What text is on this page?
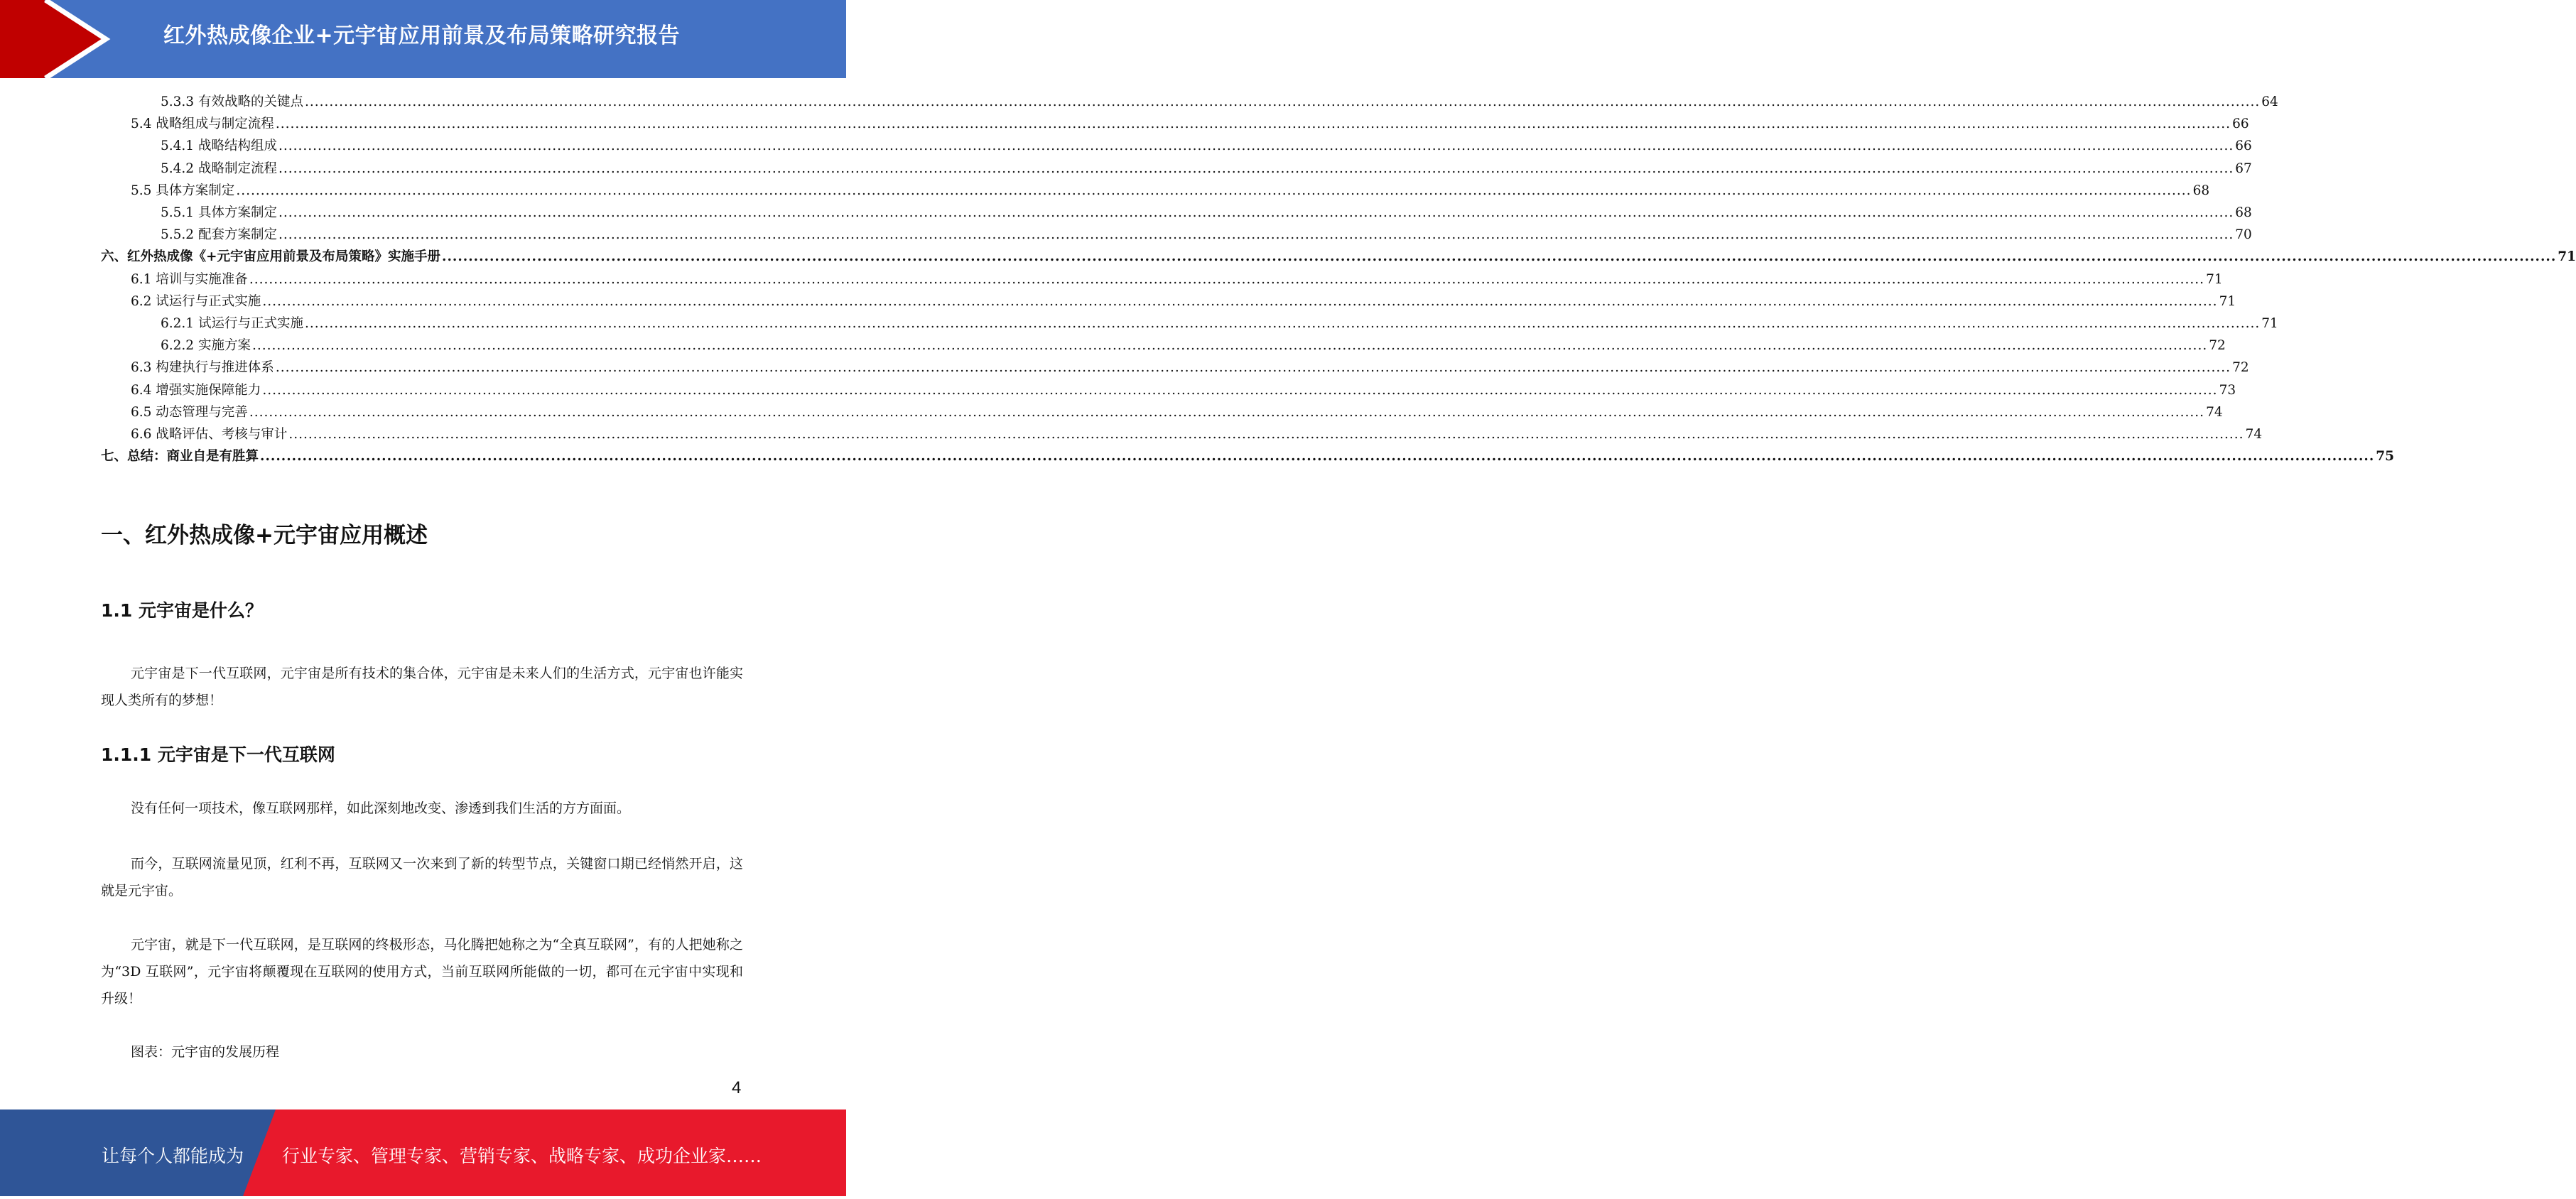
红外热成像企业+元宇宙应用前景及布局策略研究报告
5.3.3 有效战略的关键点 ................................................................................................................................................................................................................................................................................................................................................................................................................ 64
5.4 战略组成与制定流程 ................................................................................................................................................................................................................................................................................................................................................................................................................ 66
5.4.1 战略结构组成 ................................................................................................................................................................................................................................................................................................................................................................................................................ 66
5.4.2 战略制定流程 ................................................................................................................................................................................................................................................................................................................................................................................................................ 67
5.5 具体方案制定 ................................................................................................................................................................................................................................................................................................................................................................................................................ 68
5.5.1 具体方案制定 ................................................................................................................................................................................................................................................................................................................................................................................................................ 68
5.5.2 配套方案制定 ................................................................................................................................................................................................................................................................................................................................................................................................................ 70
六、红外热成像《+元宇宙应用前景及布局策略》实施手册 ................................................................................................................................................................................................................................................................................................................................................................................................................ 71
6.1 培训与实施准备 ................................................................................................................................................................................................................................................................................................................................................................................................................ 71
6.2 试运行与正式实施 ................................................................................................................................................................................................................................................................................................................................................................................................................ 71
6.2.1 试运行与正式实施 ................................................................................................................................................................................................................................................................................................................................................................................................................ 71
6.2.2 实施方案 ................................................................................................................................................................................................................................................................................................................................................................................................................ 72
6.3 构建执行与推进体系 ................................................................................................................................................................................................................................................................................................................................................................................................................ 72
6.4 增强实施保障能力 ................................................................................................................................................................................................................................................................................................................................................................................................................ 73
6.5 动态管理与完善 ................................................................................................................................................................................................................................................................................................................................................................................................................ 74
6.6 战略评估、考核与审计 ................................................................................................................................................................................................................................................................................................................................................................................................................ 74
七、总结：商业自是有胜算 ................................................................................................................................................................................................................................................................................................................................................................................................................ 75
一、红外热成像+元宇宙应用概述
1.1 元宇宙是什么？
元宇宙是下一代互联网，元宇宙是所有技术的集合体，元宇宙是未来人们的生活方式，元宇宙也许能实现人类所有的梦想！
1.1.1 元宇宙是下一代互联网
没有任何一项技术，像互联网那样，如此深刻地改变、渗透到我们生活的方方面面。
而今，互联网流量见顶，红利不再，互联网又一次来到了新的转型节点，关键窗口期已经悄然开启，这就是元宇宙。
元宇宙，就是下一代互联网，是互联网的终极形态，马化腾把她称之为“全真互联网”，有的人把她称之为“3D 互联网”，元宇宙将颠覆现在互联网的使用方式，当前互联网所能做的一切，都可在元宇宙中实现和升级！
图表：元宇宙的发展历程
4
让每个人都能成为 行业专家、管理专家、营销专家、战略专家、成功企业家……
